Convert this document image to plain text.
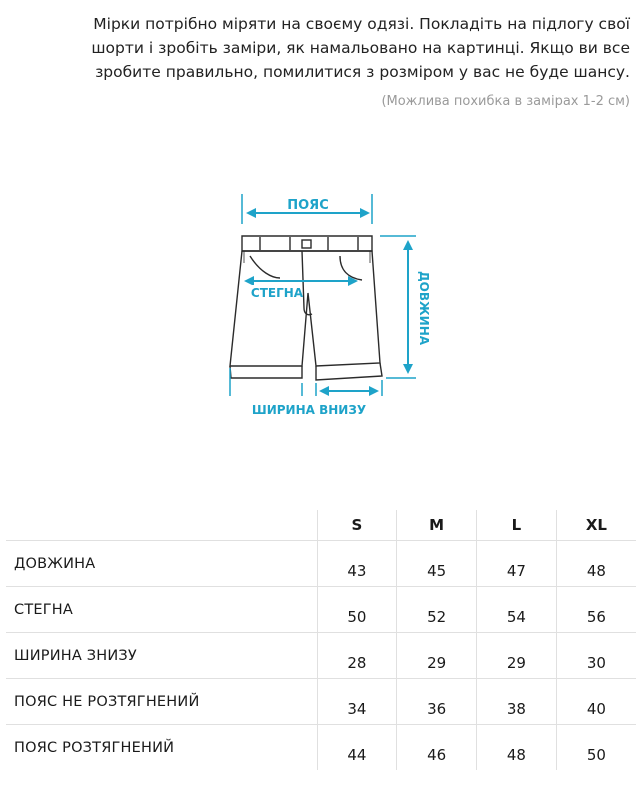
Мірки потрібно міряти на своєму одязі. Покладіть на підлогу свої

шорти і зробіть заміри, як намальовано на картинці. Якщо ви все

зробите правильно, помилитися з розміром у вас не буде шансу.

(Можлива похибка в замірах 1-2 см)
ПОЯС
СТЕГНА	ДОВЖИНА
ШИРИНА ВНИЗУ
	S	M	L	XL
ДОВЖИНА	43	45	47	48
СТЕГНА	50	52	54	56
ШИРИНА ЗНИЗУ	28	29	29	30
ПОЯС НЕ РОЗТЯГНЕНИЙ	34	36	38	40
ПОЯС РОЗТЯГНЕНИЙ	44	46	48	50
